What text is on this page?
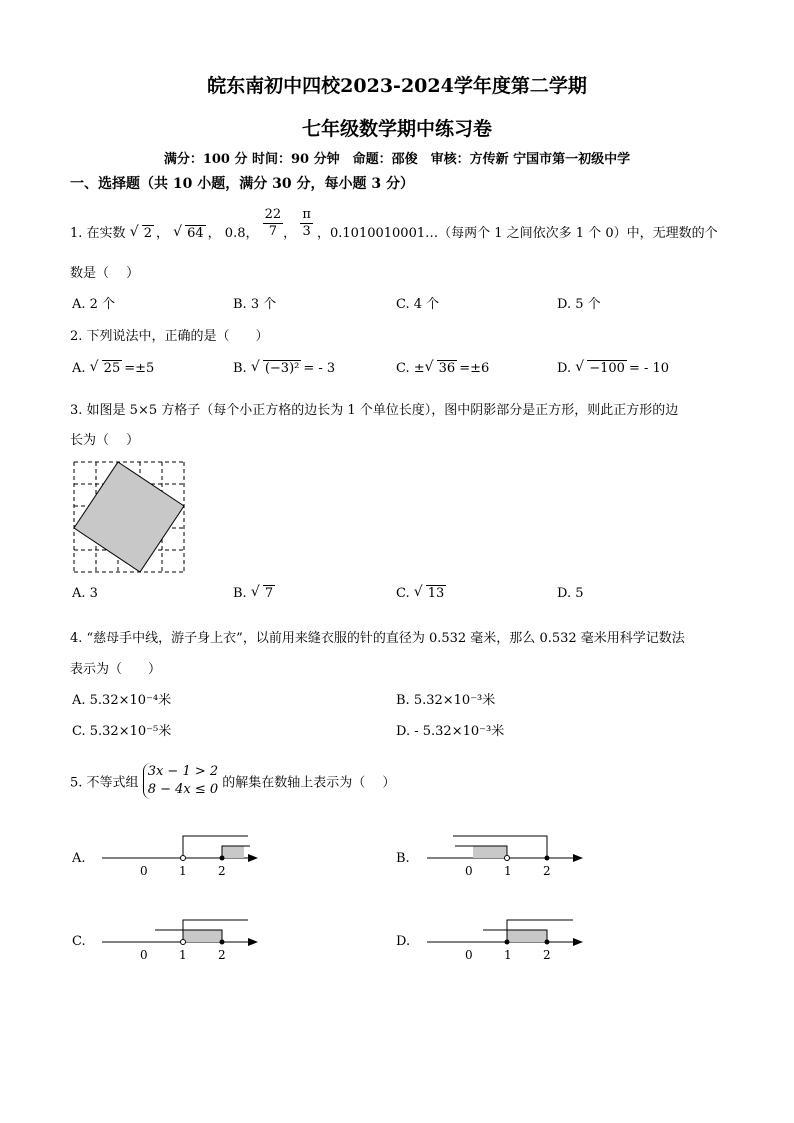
皖东南初中四校2023-2024学年度第二学期
七年级数学期中练习卷
满分：100 分 时间：90 分钟　命题：邵俊　审核：方传新 宁国市第一初级中学
一、选择题（共 10 小题，满分 30 分，每小题 3 分）
1. 在实数 √ 2 ， √ 64 ， 0.8， $\frac{22}{7}$ ， $\frac{\pi}{3}$ ，0.1010010001…（每两个 1 之间依次多 1 个 0）中，无理数的个
数是（　 ）
A. 2 个	B. 3 个	C. 4 个	D. 5 个
2. 下列说法中，正确的是（　　）
A. √ 25 =±5	B. √ (−3)² = - 3	C. ± √ 36 =±6	D. √ −100 = - 10
3. 如图是 5×5 方格子（每个小正方格的边长为 1 个单位长度），图中阴影部分是正方形，则此正方形的边
长为（　 ）
A. 3	B. √ 7	C. √ 13	D. 5
4. “慈母手中线，游子身上衣”，以前用来缝衣服的针的直径为 0.532 毫米，那么 0.532 毫米用科学记数法
表示为（　　）
A. 5.32×10⁻⁴米	B. 5.32×10⁻³米
C. 5.32×10⁻⁵米	D. - 5.32×10⁻³米
5. 不等式组
3x − 1 > 2
8 − 4x ≤ 0 的解集在数轴上表示为（　 ）
A.
0	1	2
B.
0	1	2
C.
0	1	2
D.
0	1	2
